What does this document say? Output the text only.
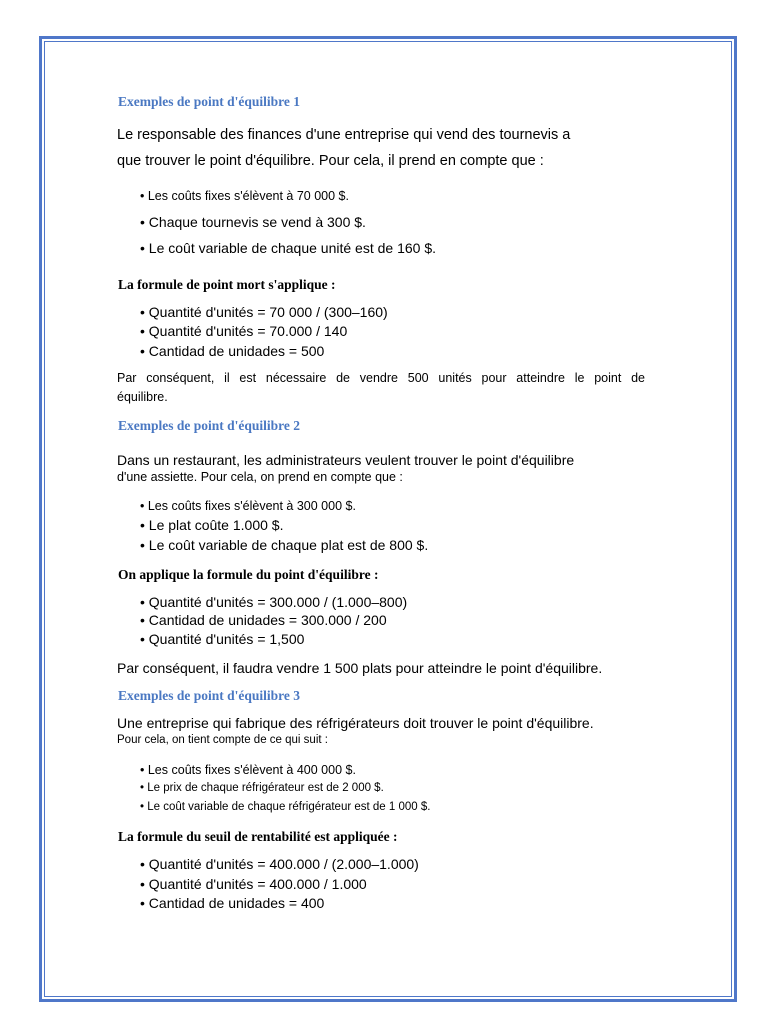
Exemples de point d'équilibre 1
Le responsable des finances d'une entreprise qui vend des tournevis a
que trouver le point d'équilibre. Pour cela, il prend en compte que :
• Les coûts fixes s'élèvent à 70 000 $.
• Chaque tournevis se vend à 300 $.
• Le coût variable de chaque unité est de 160 $.
La formule de point mort s'applique :
• Quantité d'unités = 70 000 / (300–160)
• Quantité d'unités = 70.000 / 140
• Cantidad de unidades = 500
Par conséquent, il est nécessaire de vendre 500 unités pour atteindre le point de
équilibre.
Exemples de point d'équilibre 2
Dans un restaurant, les administrateurs veulent trouver le point d'équilibre
d'une assiette. Pour cela, on prend en compte que :
• Les coûts fixes s'élèvent à 300 000 $.
• Le plat coûte 1.000 $.
• Le coût variable de chaque plat est de 800 $.
On applique la formule du point d'équilibre :
• Quantité d'unités = 300.000 / (1.000–800)
• Cantidad de unidades = 300.000 / 200
• Quantité d'unités = 1,500
Par conséquent, il faudra vendre 1 500 plats pour atteindre le point d'équilibre.
Exemples de point d'équilibre 3
Une entreprise qui fabrique des réfrigérateurs doit trouver le point d'équilibre.
Pour cela, on tient compte de ce qui suit :
• Les coûts fixes s'élèvent à 400 000 $.
• Le prix de chaque réfrigérateur est de 2 000 $.
• Le coût variable de chaque réfrigérateur est de 1 000 $.
La formule du seuil de rentabilité est appliquée :
• Quantité d'unités = 400.000 / (2.000–1.000)
• Quantité d'unités = 400.000 / 1.000
• Cantidad de unidades = 400
